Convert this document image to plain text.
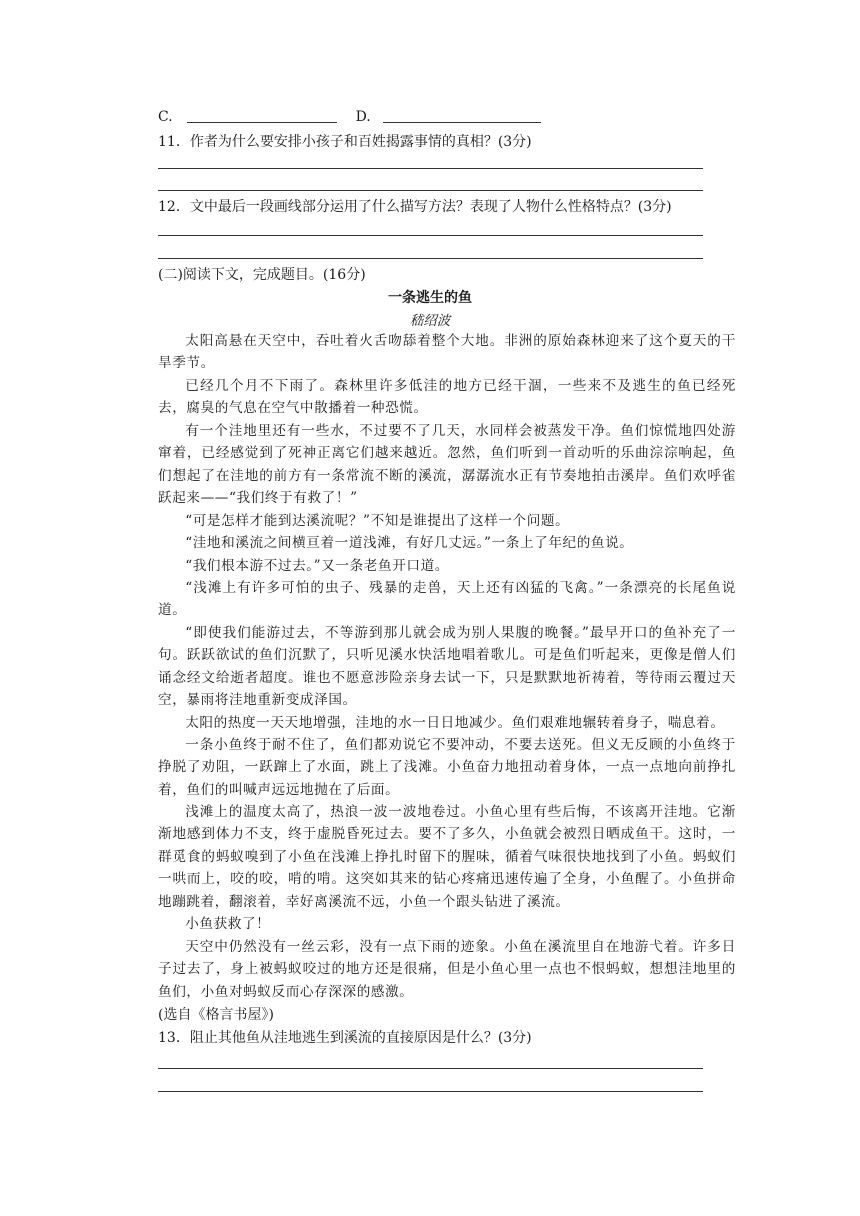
C.	D.
11．作者为什么要安排小孩子和百姓揭露事情的真相？(3分)
12．文中最后一段画线部分运用了什么描写方法？表现了人物什么性格特点？(3分)
(二)阅读下文，完成题目。(16分)
一条逃生的鱼
嵇绍波
太阳高悬在天空中，吞吐着火舌吻舔着整个大地。非洲的原始森林迎来了这个夏天的干旱季节。
已经几个月不下雨了。森林里许多低洼的地方已经干涸，一些来不及逃生的鱼已经死去，腐臭的气息在空气中散播着一种恐慌。
有一个洼地里还有一些水，不过要不了几天，水同样会被蒸发干净。鱼们惊慌地四处游窜着，已经感觉到了死神正离它们越来越近。忽然，鱼们听到一首动听的乐曲淙淙响起，鱼们想起了在洼地的前方有一条常流不断的溪流，潺潺流水正有节奏地拍击溪岸。鱼们欢呼雀跃起来——“我们终于有救了！”
“可是怎样才能到达溪流呢？”不知是谁提出了这样一个问题。
“洼地和溪流之间横亘着一道浅滩，有好几丈远。”一条上了年纪的鱼说。
“我们根本游不过去。”又一条老鱼开口道。
“浅滩上有许多可怕的虫子、残暴的走兽，天上还有凶猛的飞禽。”一条漂亮的长尾鱼说道。
“即使我们能游过去，不等游到那儿就会成为别人果腹的晚餐。”最早开口的鱼补充了一句。跃跃欲试的鱼们沉默了，只听见溪水快活地唱着歌儿。可是鱼们听起来，更像是僧人们诵念经文给逝者超度。谁也不愿意涉险亲身去试一下，只是默默地祈祷着，等待雨云覆过天空，暴雨将洼地重新变成泽国。
太阳的热度一天天地增强，洼地的水一日日地减少。鱼们艰难地辗转着身子，喘息着。
一条小鱼终于耐不住了，鱼们都劝说它不要冲动，不要去送死。但义无反顾的小鱼终于挣脱了劝阻，一跃蹿上了水面，跳上了浅滩。小鱼奋力地扭动着身体，一点一点地向前挣扎着，鱼们的叫喊声远远地抛在了后面。
浅滩上的温度太高了，热浪一波一波地卷过。小鱼心里有些后悔，不该离开洼地。它渐渐地感到体力不支，终于虚脱昏死过去。要不了多久，小鱼就会被烈日晒成鱼干。这时，一群觅食的蚂蚁嗅到了小鱼在浅滩上挣扎时留下的腥味，循着气味很快地找到了小鱼。蚂蚁们一哄而上，咬的咬，啃的啃。这突如其来的钻心疼痛迅速传遍了全身，小鱼醒了。小鱼拼命地蹦跳着，翻滚着，幸好离溪流不远，小鱼一个跟头钻进了溪流。
小鱼获救了！
天空中仍然没有一丝云彩，没有一点下雨的迹象。小鱼在溪流里自在地游弋着。许多日子过去了，身上被蚂蚁咬过的地方还是很痛，但是小鱼心里一点也不恨蚂蚁，想想洼地里的鱼们，小鱼对蚂蚁反而心存深深的感激。
(选自《格言书屋》)
13．阻止其他鱼从洼地逃生到溪流的直接原因是什么？(3分)
